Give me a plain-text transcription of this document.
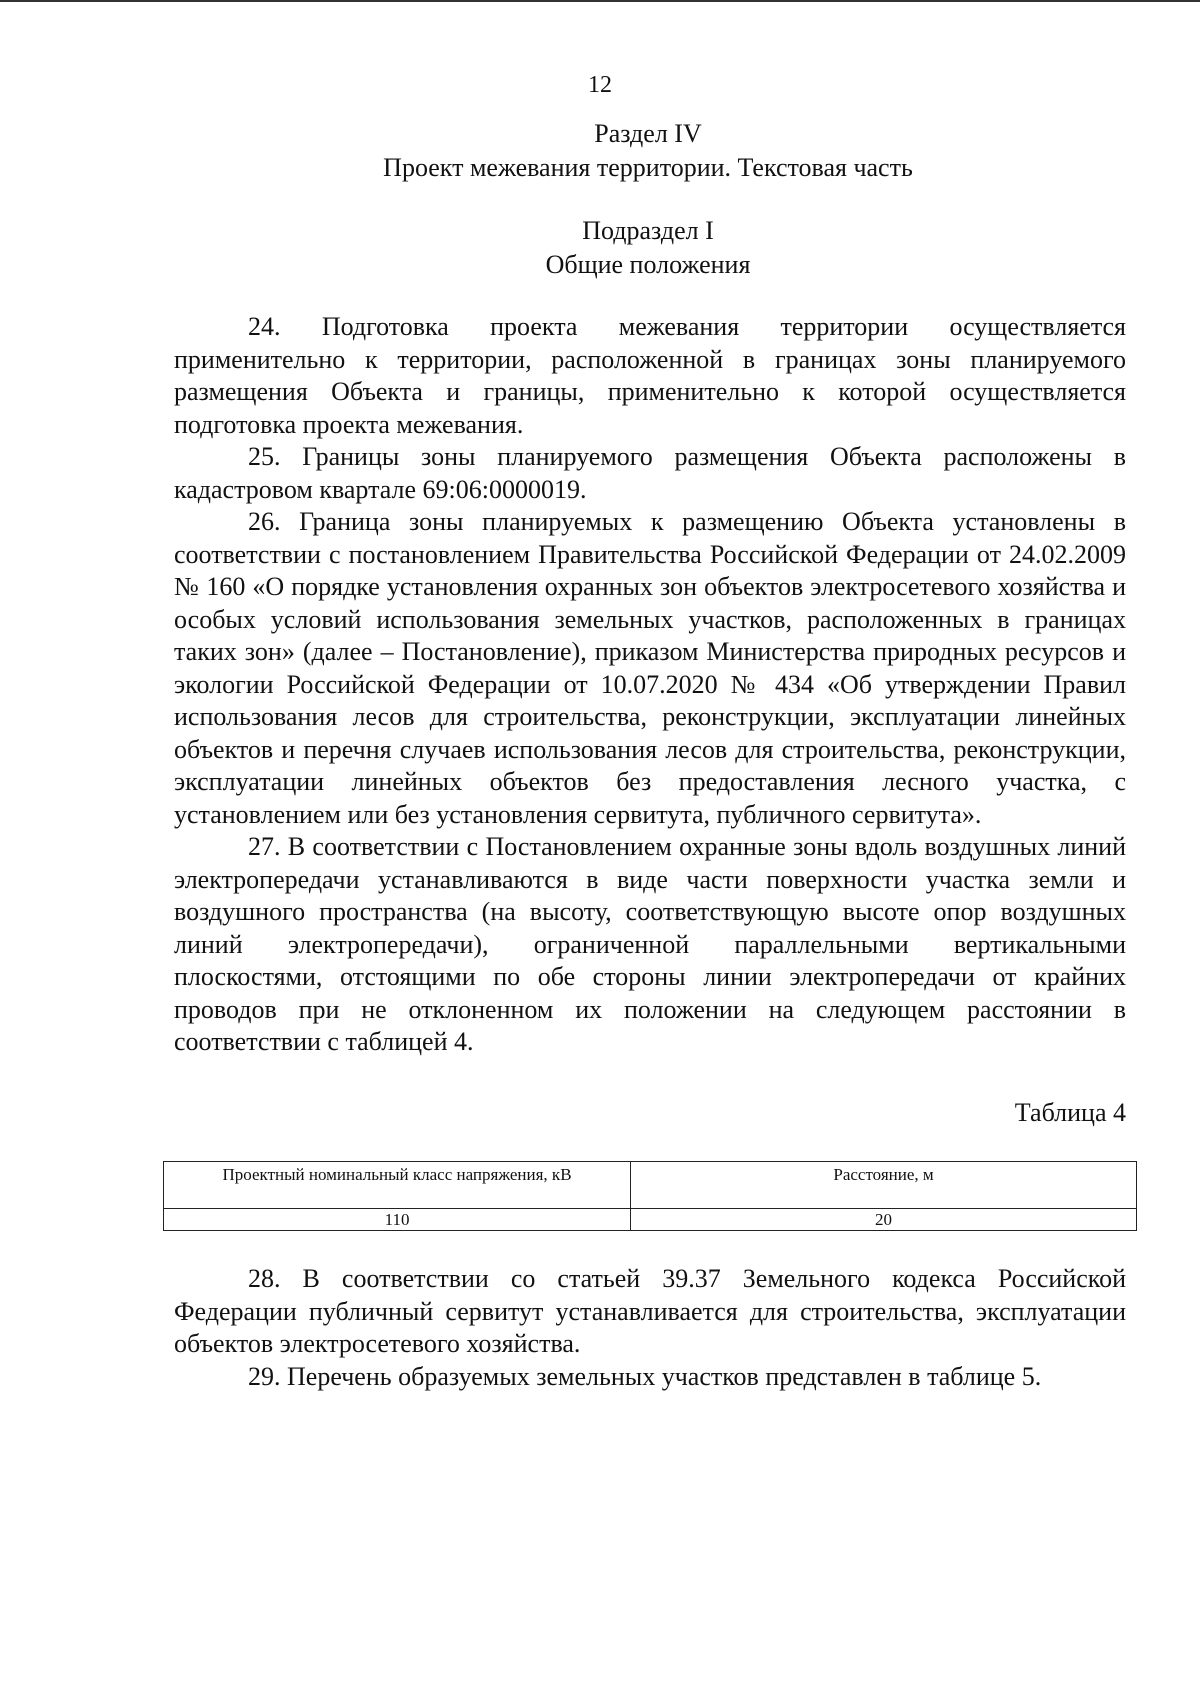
12
Раздел IV
Проект межевания территории. Текстовая часть
Подраздел I
Общие положения

24. Подготовка проекта межевания территории осуществляется применительно к территории, расположенной в границах зоны планируемого размещения Объекта и границы, применительно к которой осуществляется подготовка проекта межевания.

25. Границы зоны планируемого размещения Объекта расположены в кадастровом квартале 69:06:0000019.

26. Граница зоны планируемых к размещению Объекта установлены в соответствии с постановлением Правительства Российской Федерации от 24.02.2009 № 160 «О порядке установления охранных зон объектов электросетевого хозяйства и особых условий использования земельных участков, расположенных в границах таких зон» (далее – Постановление), приказом Министерства природных ресурсов и экологии Российской Федерации от 10.07.2020 № 434 «Об утверждении Правил использования лесов для строительства, реконструкции, эксплуатации линейных объектов и перечня случаев использования лесов для строительства, реконструкции, эксплуатации линейных объектов без предоставления лесного участка, с установлением или без установления сервитута, публичного сервитута».

27. В соответствии с Постановлением охранные зоны вдоль воздушных линий электропередачи устанавливаются в виде части поверхности участка земли и воздушного пространства (на высоту, соответствующую высоте опор воздушных линий электропередачи), ограниченной параллельными вертикальными плоскостями, отстоящими по обе стороны линии электропередачи от крайних проводов при не отклоненном их положении на следующем расстоянии в соответствии с таблицей 4.

Таблица 4
Проектный номинальный класс напряжения, кВ	Расстояние, м
110	20

28. В соответствии со статьей 39.37 Земельного кодекса Российской Федерации публичный сервитут устанавливается для строительства, эксплуатации объектов электросетевого хозяйства.

29. Перечень образуемых земельных участков представлен в таблице 5.
